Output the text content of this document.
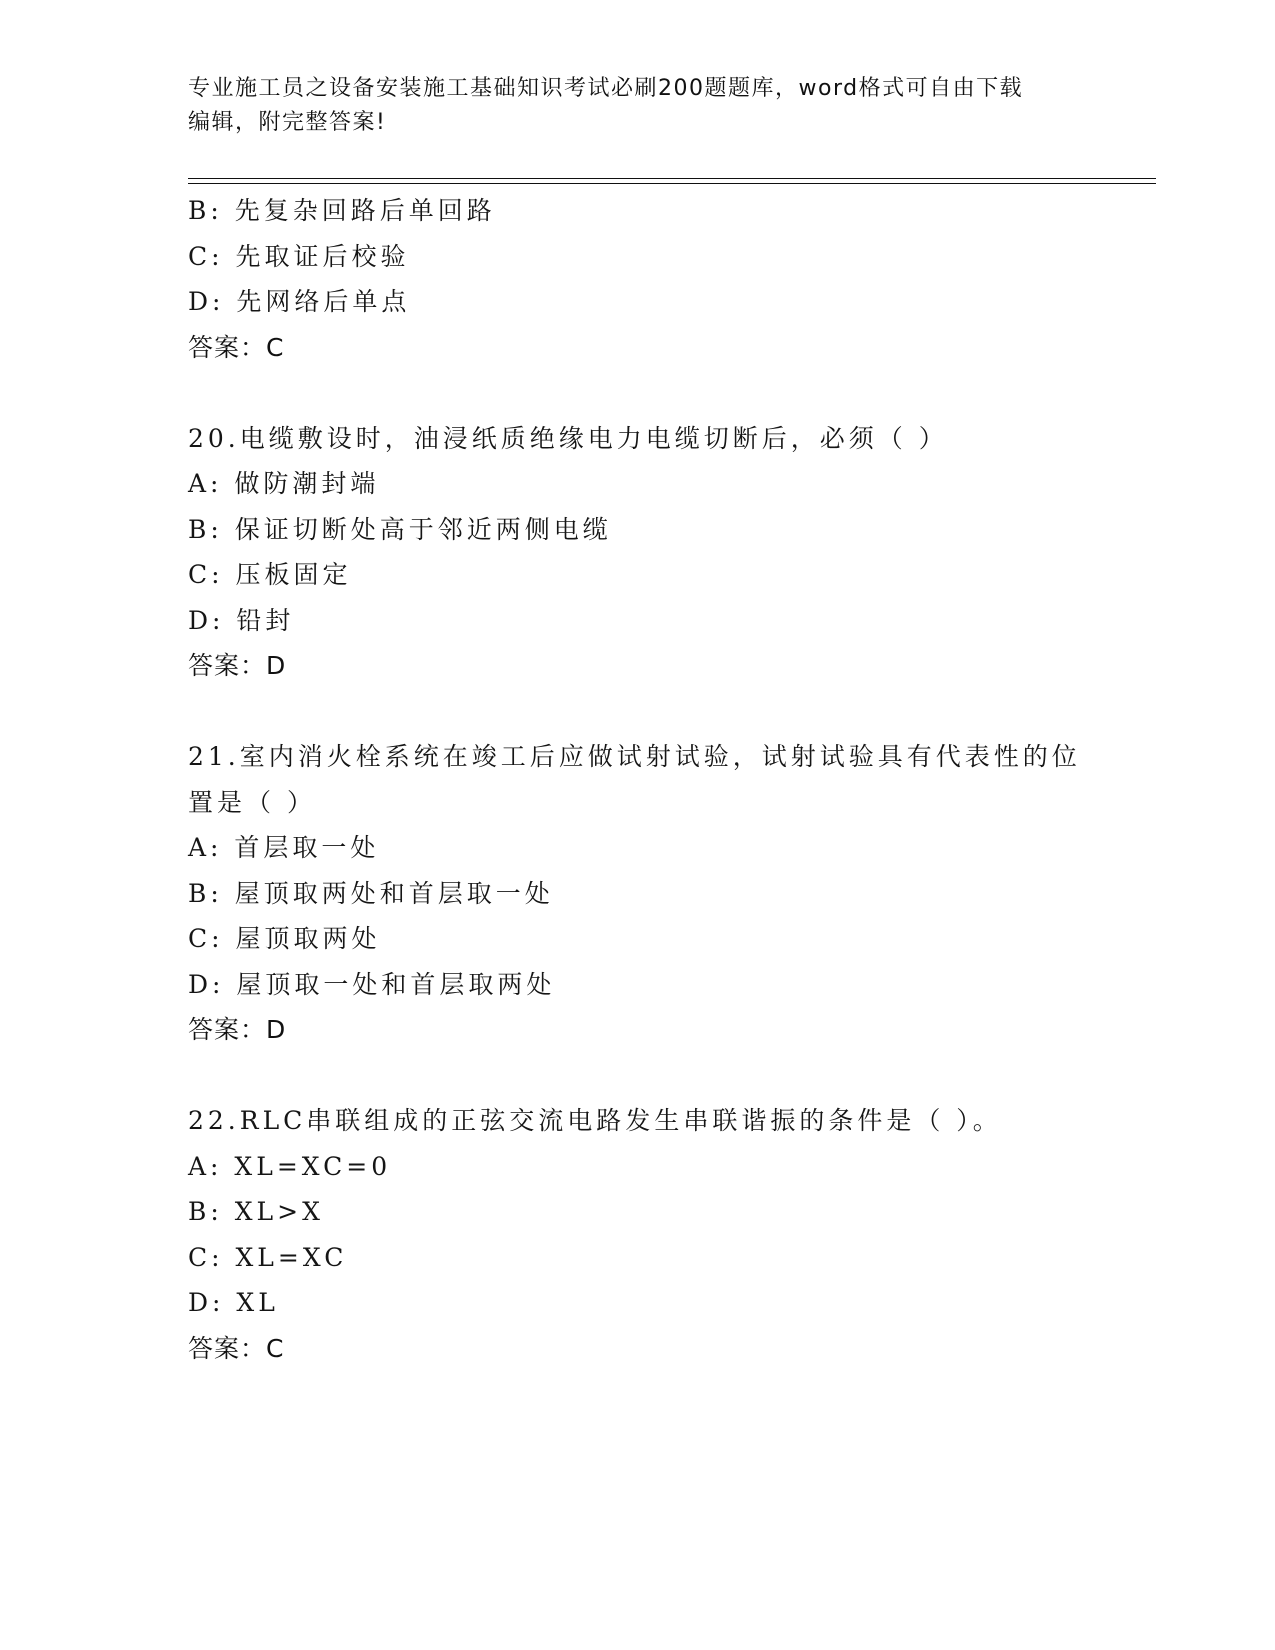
专业施工员之设备安装施工基础知识考试必刷200题题库，word格式可自由下载
编辑，附完整答案!
B: 先复杂回路后单回路
C: 先取证后校验
D: 先网络后单点
答案：C
20.电缆敷设时，油浸纸质绝缘电力电缆切断后，必须（ ）
A: 做防潮封端
B: 保证切断处高于邻近两侧电缆
C: 压板固定
D: 铅封
答案：D
21.室内消火栓系统在竣工后应做试射试验，试射试验具有代表性的位
置是（ ）
A: 首层取一处
B: 屋顶取两处和首层取一处
C: 屋顶取两处
D: 屋顶取一处和首层取两处
答案：D
22.RLC串联组成的正弦交流电路发生串联谐振的条件是（ ）。
A: XL=XC=0
B: XL>X
C: XL=XC
D: XL
答案：C
